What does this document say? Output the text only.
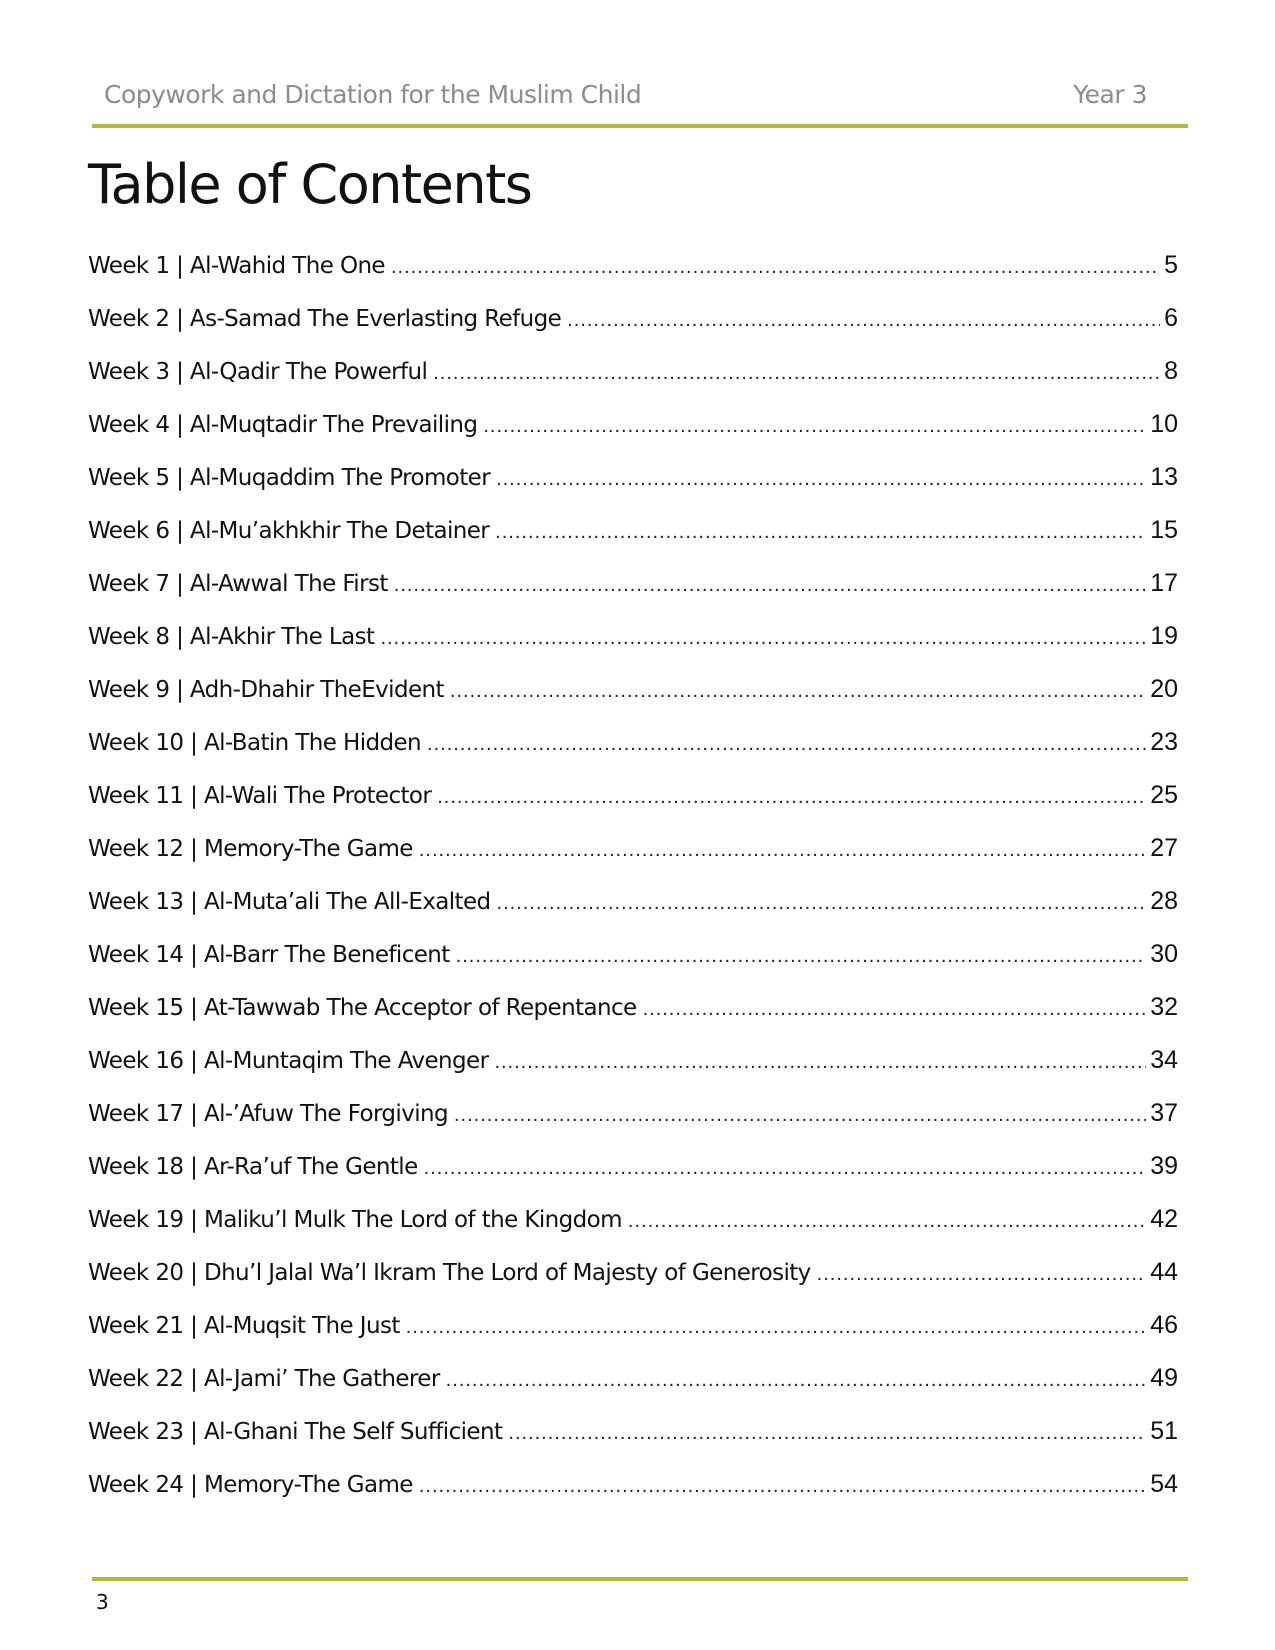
Copywork and Dictation for the Muslim Child	Year 3
Table of Contents
Week 1 | Al-Wahid The One .....	5
Week 2 | As-Samad The Everlasting Refuge .....	6
Week 3 | Al-Qadir The Powerful .....	8
Week 4 | Al-Muqtadir The Prevailing .....	10
Week 5 | Al-Muqaddim The Promoter .....	13
Week 6 | Al-Mu’akhkhir The Detainer .....	15
Week 7 | Al-Awwal The First .....	17
Week 8 | Al-Akhir The Last .....	19
Week 9 | Adh-Dhahir TheEvident .....	20
Week 10 | Al-Batin The Hidden .....	23
Week 11 | Al-Wali The Protector .....	25
Week 12 | Memory-The Game .....	27
Week 13 | Al-Muta’ali The All-Exalted .....	28
Week 14 | Al-Barr The Beneficent .....	30
Week 15 | At-Tawwab The Acceptor of Repentance .....	32
Week 16 | Al-Muntaqim The Avenger .....	34
Week 17 | Al-’Afuw The Forgiving .....	37
Week 18 | Ar-Ra’uf The Gentle .....	39
Week 19 | Maliku’l Mulk The Lord of the Kingdom .....	42
Week 20 | Dhu’l Jalal Wa’l Ikram The Lord of Majesty of Generosity .....	44
Week 21 | Al-Muqsit The Just .....	46
Week 22 | Al-Jami’ The Gatherer .....	49
Week 23 | Al-Ghani The Self Sufficient .....	51
Week 24 | Memory-The Game .....	54
3
